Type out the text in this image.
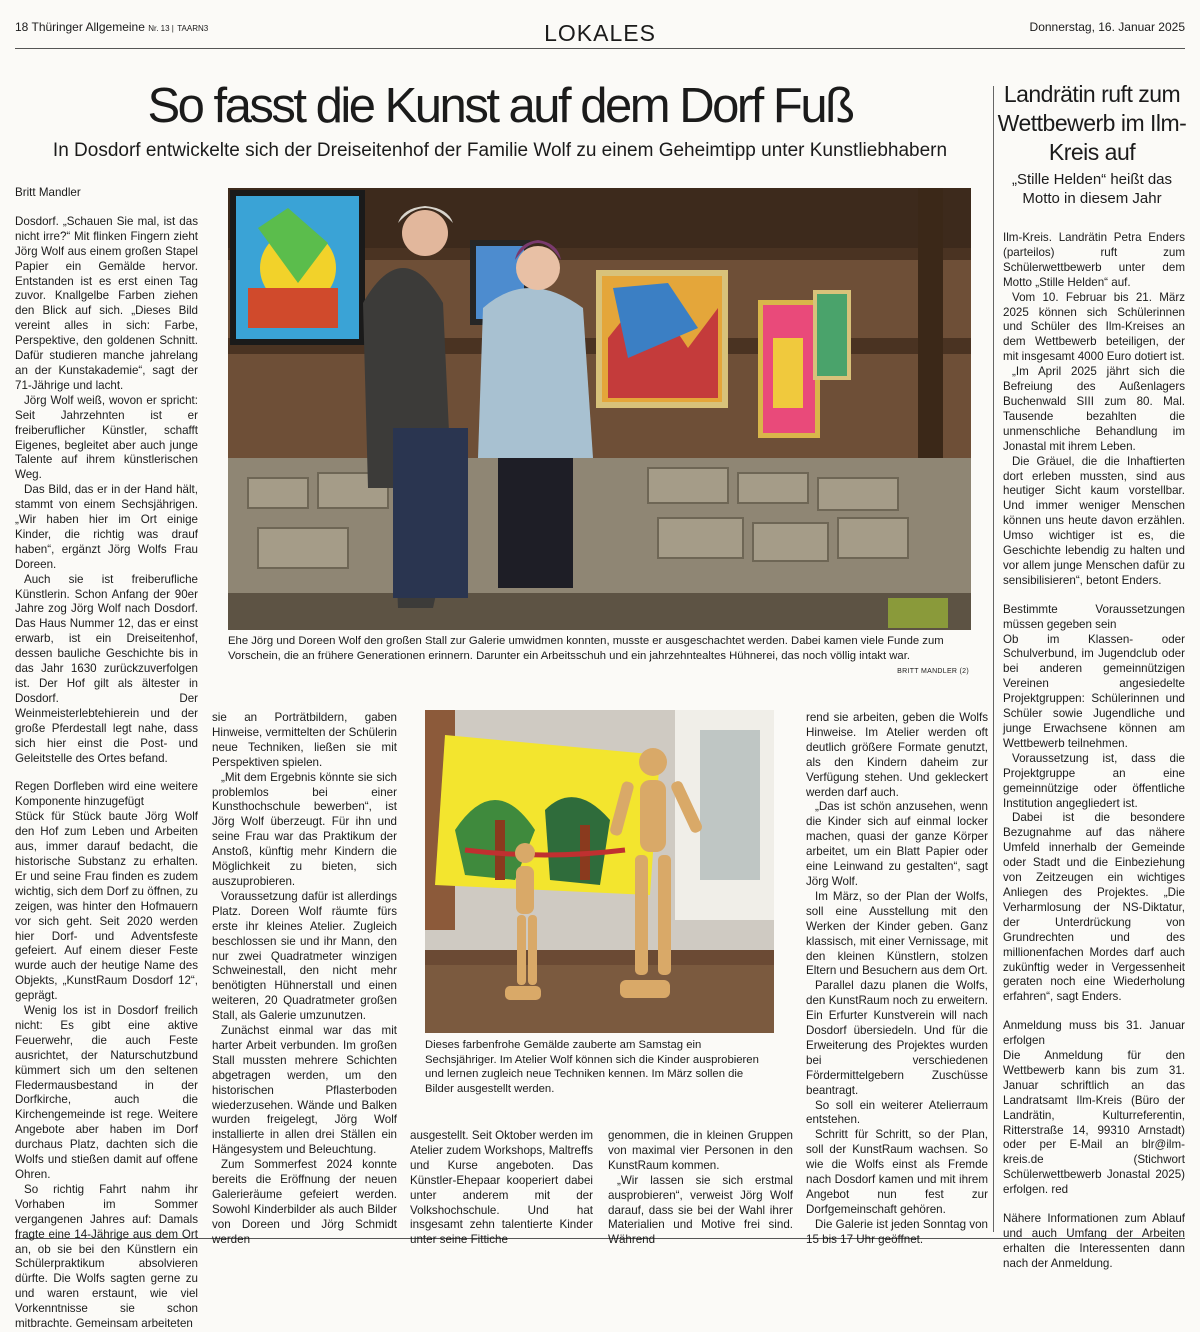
18 Thüringer Allgemeine Nr. 13 | TAARN3	LOKALES	Donnerstag, 16. Januar 2025
So fasst die Kunst auf dem Dorf Fuß
In Dosdorf entwickelte sich der Dreiseitenhof der Familie Wolf zu einem Geheimtipp unter Kunstliebhabern

Britt Mandler

Dosdorf. „Schauen Sie mal, ist das nicht irre?“ Mit flinken Fingern zieht Jörg Wolf aus einem großen Stapel Papier ein Gemälde hervor. Entstanden ist es erst einen Tag zuvor. Knallgelbe Farben ziehen den Blick auf sich. „Dieses Bild vereint alles in sich: Farbe, Perspektive, den goldenen Schnitt. Dafür studieren manche jahrelang an der Kunstakademie“, sagt der 71-Jährige und lacht.

Jörg Wolf weiß, wovon er spricht: Seit Jahrzehnten ist er freiberuflicher Künstler, schafft Eigenes, begleitet aber auch junge Talente auf ihrem künstlerischen Weg.

Das Bild, das er in der Hand hält, stammt von einem Sechsjährigen. „Wir haben hier im Ort einige Kinder, die richtig was drauf haben“, ergänzt Jörg Wolfs Frau Doreen.

Auch sie ist freiberufliche Künstlerin. Schon Anfang der 90er Jahre zog Jörg Wolf nach Dosdorf. Das Haus Nummer 12, das er einst erwarb, ist ein Dreiseitenhof, dessen bauliche Geschichte bis in das Jahr 1630 zurückzuverfolgen ist. Der Hof gilt als ältester in Dosdorf. Der Weinmeisterlebtehierein und der große Pferdestall legt nahe, dass sich hier einst die Post- und Geleitstelle des Ortes befand.

Regen Dorfleben wird eine weitere Komponente hinzugefügt

Stück für Stück baute Jörg Wolf den Hof zum Leben und Arbeiten aus, immer darauf bedacht, die historische Substanz zu erhalten. Er und seine Frau finden es zudem wichtig, sich dem Dorf zu öffnen, zu zeigen, was hinter den Hofmauern vor sich geht. Seit 2020 werden hier Dorf- und Adventsfeste gefeiert. Auf einem dieser Feste wurde auch der heutige Name des Objekts, „KunstRaum Dosdorf 12“, geprägt.

Wenig los ist in Dosdorf freilich nicht: Es gibt eine aktive Feuerwehr, die auch Feste ausrichtet, der Naturschutzbund kümmert sich um den seltenen Fledermausbestand in der Dorfkirche, auch die Kirchengemeinde ist rege. Weitere Angebote aber haben im Dorf durchaus Platz, dachten sich die Wolfs und stießen damit auf offene Ohren.

So richtig Fahrt nahm ihr Vorhaben im Sommer vergangenen Jahres auf: Damals fragte eine 14-Jährige aus dem Ort an, ob sie bei den Künstlern ein Schülerpraktikum absolvieren dürfte. Die Wolfs sagten gerne zu und waren erstaunt, wie viel Vorkenntnisse sie schon mitbrachte. Gemeinsam arbeiteten

Ehe Jörg und Doreen Wolf den großen Stall zur Galerie umwidmen konnten, musste er ausgeschachtet werden. Dabei kamen viele Funde zum Vorschein, die an frühere Generationen erinnern. Darunter ein Arbeitsschuh und ein jahrzehntealtes Hühnerei, das noch völlig intakt war.
BRITT MANDLER (2)

sie an Porträtbildern, gaben Hinweise, vermittelten der Schülerin neue Techniken, ließen sie mit Perspektiven spielen.

„Mit dem Ergebnis könnte sie sich problemlos bei einer Kunsthochschule bewerben“, ist Jörg Wolf überzeugt. Für ihn und seine Frau war das Praktikum der Anstoß, künftig mehr Kindern die Möglichkeit zu bieten, sich auszuprobieren.

Voraussetzung dafür ist allerdings Platz. Doreen Wolf räumte fürs erste ihr kleines Atelier. Zugleich beschlossen sie und ihr Mann, den nur zwei Quadratmeter winzigen Schweinestall, den nicht mehr benötigten Hühnerstall und einen weiteren, 20 Quadratmeter großen Stall, als Galerie umzunutzen.

Zunächst einmal war das mit harter Arbeit verbunden. Im großen Stall mussten mehrere Schichten abgetragen werden, um den historischen Pflasterboden wiederzusehen. Wände und Balken wurden freigelegt, Jörg Wolf installierte in allen drei Ställen ein Hängesystem und Beleuchtung.

Zum Sommerfest 2024 konnte bereits die Eröffnung der neuen Galerieräume gefeiert werden. Sowohl Kinderbilder als auch Bilder von Doreen und Jörg Schmidt werden

Dieses farbenfrohe Gemälde zauberte am Samstag ein Sechsjähriger. Im Atelier Wolf können sich die Kinder ausprobieren und lernen zugleich neue Techniken kennen. Im März sollen die Bilder ausgestellt werden.

ausgestellt. Seit Oktober werden im Atelier zudem Workshops, Maltreffs und Kurse angeboten. Das Künstler-Ehepaar kooperiert dabei unter anderem mit der Volkshochschule. Und hat insgesamt zehn talentierte Kinder unter seine Fittiche

genommen, die in kleinen Gruppen von maximal vier Personen in den KunstRaum kommen.

„Wir lassen sie sich erstmal ausprobieren“, verweist Jörg Wolf darauf, dass sie bei der Wahl ihrer Materialien und Motive frei sind. Während

rend sie arbeiten, geben die Wolfs Hinweise. Im Atelier werden oft deutlich größere Formate genutzt, als den Kindern daheim zur Verfügung stehen. Und gekleckert werden darf auch.

„Das ist schön anzusehen, wenn die Kinder sich auf einmal locker machen, quasi der ganze Körper arbeitet, um ein Blatt Papier oder eine Leinwand zu gestalten“, sagt Jörg Wolf.

Im März, so der Plan der Wolfs, soll eine Ausstellung mit den Werken der Kinder geben. Ganz klassisch, mit einer Vernissage, mit den kleinen Künstlern, stolzen Eltern und Besuchern aus dem Ort.

Parallel dazu planen die Wolfs, den KunstRaum noch zu erweitern. Ein Erfurter Kunstverein will nach Dosdorf übersiedeln. Und für die Erweiterung des Projektes wurden bei verschiedenen Fördermittelgebern Zuschüsse beantragt.

So soll ein weiterer Atelierraum entstehen.

Schritt für Schritt, so der Plan, soll der KunstRaum wachsen. So wie die Wolfs einst als Fremde nach Dosdorf kamen und mit ihrem Angebot nun fest zur Dorfgemeinschaft gehören.

Die Galerie ist jeden Sonntag von 15 bis 17 Uhr geöffnet.

Landrätin ruft zum Wettbewerb im Ilm-Kreis auf
„Stille Helden“ heißt das Motto in diesem Jahr

Ilm-Kreis. Landrätin Petra Enders (parteilos) ruft zum Schülerwettbewerb unter dem Motto „Stille Helden“ auf.

Vom 10. Februar bis 21. März 2025 können sich Schülerinnen und Schüler des Ilm-Kreises an dem Wettbewerb beteiligen, der mit insgesamt 4000 Euro dotiert ist.

„Im April 2025 jährt sich die Befreiung des Außenlagers Buchenwald SIII zum 80. Mal. Tausende bezahlten die unmenschliche Behandlung im Jonastal mit ihrem Leben.

Die Gräuel, die die Inhaftierten dort erleben mussten, sind aus heutiger Sicht kaum vorstellbar. Und immer weniger Menschen können uns heute davon erzählen. Umso wichtiger ist es, die Geschichte lebendig zu halten und vor allem junge Menschen dafür zu sensibilisieren“, betont Enders.

Bestimmte Voraussetzungen müssen gegeben sein

Ob im Klassen- oder Schulverbund, im Jugendclub oder bei anderen gemeinnützigen Vereinen angesiedelte Projektgruppen: Schülerinnen und Schüler sowie Jugendliche und junge Erwachsene können am Wettbewerb teilnehmen.

Voraussetzung ist, dass die Projektgruppe an eine gemeinnützige oder öffentliche Institution angegliedert ist.

Dabei ist die besondere Bezugnahme auf das nähere Umfeld innerhalb der Gemeinde oder Stadt und die Einbeziehung von Zeitzeugen ein wichtiges Anliegen des Projektes. „Die Verharmlosung der NS-Diktatur, der Unterdrückung von Grundrechten und des millionenfachen Mordes darf auch zukünftig weder in Vergessenheit geraten noch eine Wiederholung erfahren“, sagt Enders.

Anmeldung muss bis 31. Januar erfolgen

Die Anmeldung für den Wettbewerb kann bis zum 31. Januar schriftlich an das Landratsamt Ilm-Kreis (Büro der Landrätin, Kulturreferentin, Ritterstraße 14, 99310 Arnstadt) oder per E-Mail an blr@ilm-kreis.de (Stichwort Schülerwettbewerb Jonastal 2025) erfolgen. red

Nähere Informationen zum Ablauf und auch Umfang der Arbeiten erhalten die Interessenten dann nach der Anmeldung.
